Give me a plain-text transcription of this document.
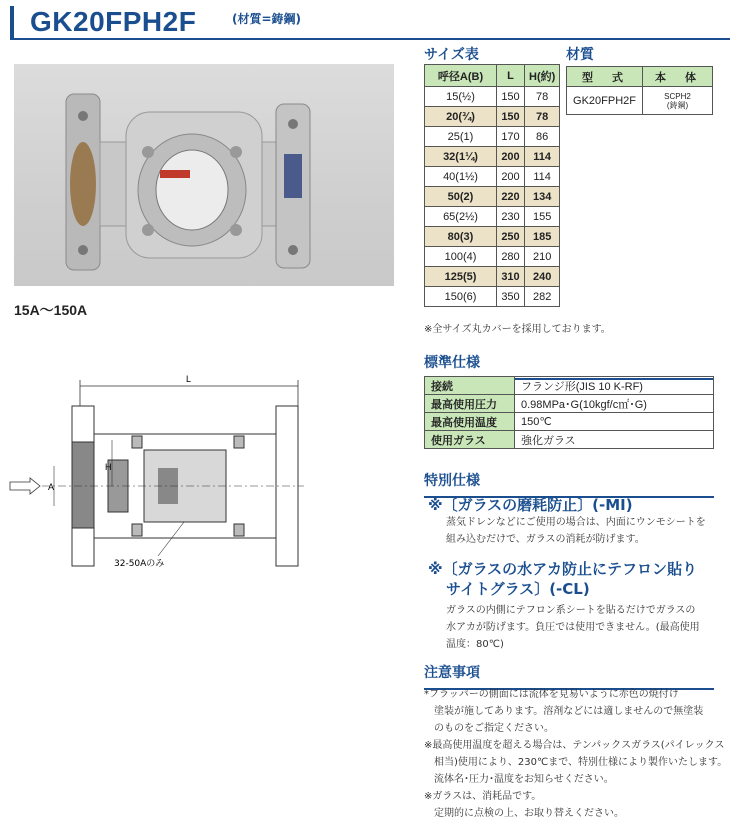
GK20FPH2F	(材質=鋳鋼)
15A～150A
L
A
H
32-50Aのみ
サイズ表
呼径A(B)	L	H(約)
15(½)	150	78
20(¾)	150	78
25(1)	170	86
32(1¼)	200	114
40(1½)	200	114
50(2)	220	134
65(2½)	230	155
80(3)	250	185
100(4)	280	210
125(5)	310	240
150(6)	350	282
※全サイズ丸カバーを採用しております。
材質
型　式	本　体
GK20FPH2F	SCPH2
(鋳鋼)
標準仕様
接続	フランジ形(JIS 10 K-RF)
最高使用圧力	0.98MPa･G(10kgf/c㎡･G)
最高使用温度	150℃
使用ガラス	強化ガラス
特別仕様
※〔ガラスの磨耗防止〕(-MI)
蒸気ドレンなどにご使用の場合は、内面にウンモシートを
組み込むだけで、ガラスの消耗が防げます。
※〔ガラスの水アカ防止にテフロン貼り
サイトグラス〕(-CL)
ガラスの内側にテフロン系シートを貼るだけでガラスの
水アカが防げます。負圧では使用できません。(最高使用
温度：80℃)
注意事項
*フラッパーの側面には流体を見易いように赤色の焼付け
　塗装が施してあります。溶剤などには適しませんので無塗装
　のものをご指定ください。
※最高使用温度を超える場合は、テンパックスガラス(パイレックス
　相当)使用により、230℃まで、特別仕様により製作いたします。
　流体名･圧力･温度をお知らせください。
※ガラスは、消耗品です。
　定期的に点検の上、お取り替えください。
